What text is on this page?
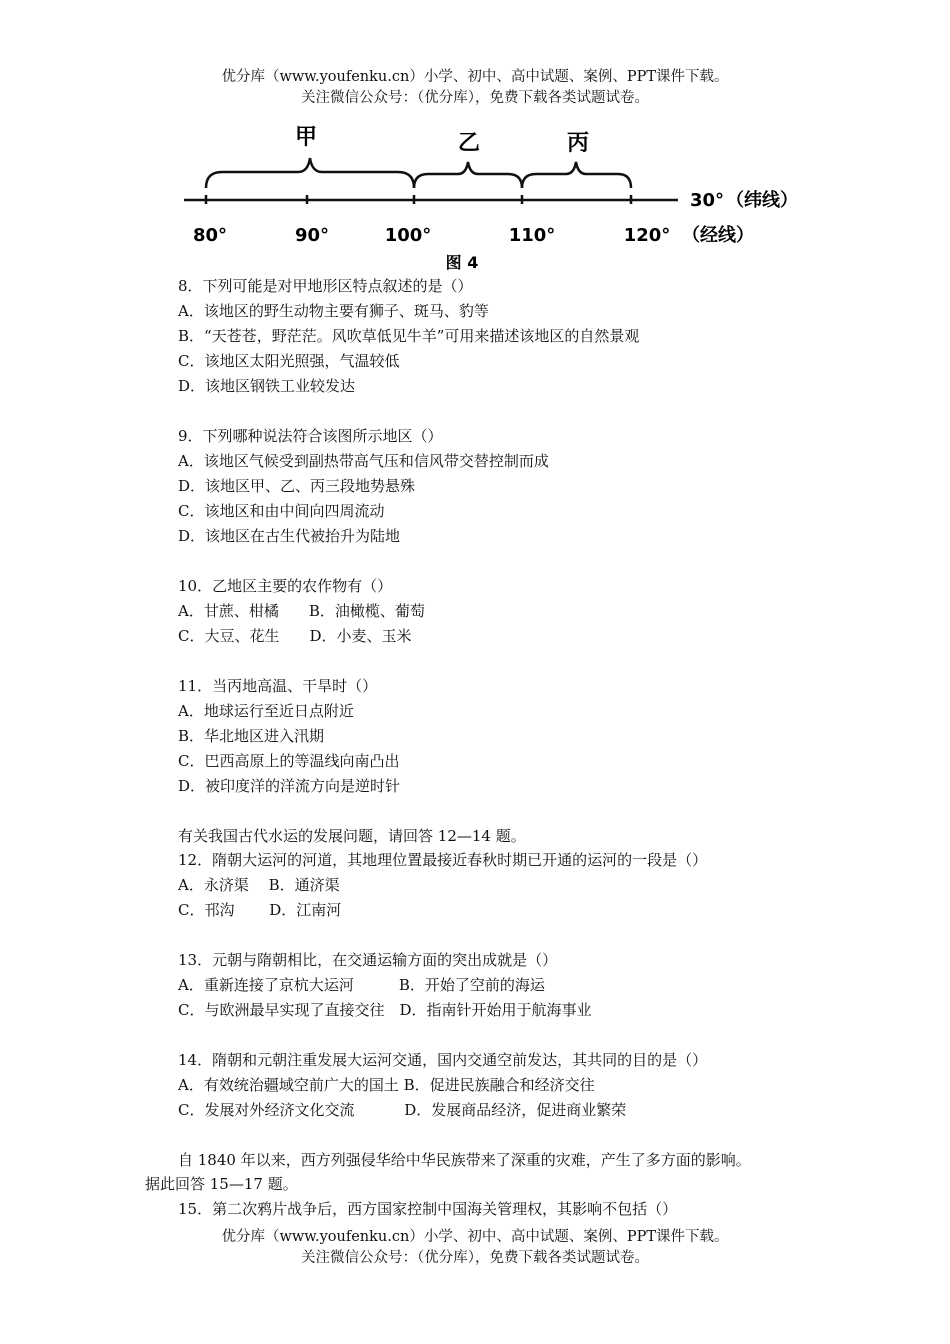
优分库（www.youfenku.cn）小学、初中、高中试题、案例、PPT课件下载。
关注微信公众号：（优分库），免费下载各类试题试卷。
甲	乙	丙
30° （纬线）
80°	90°	100°	110°	120° （经线）
图 4
8．下列可能是对甲地形区特点叙述的是（）
A．该地区的野生动物主要有狮子、斑马、豹等
B．“天苍苍，野茫茫。风吹草低见牛羊”可用来描述该地区的自然景观
C．该地区太阳光照强，气温较低
D．该地区钢铁工业较发达
9．下列哪种说法符合该图所示地区（）
A．该地区气候受到副热带高气压和信风带交替控制而成
D．该地区甲、乙、丙三段地势悬殊
C．该地区和由中间向四周流动
D．该地区在古生代被抬升为陆地
10．乙地区主要的农作物有（）
A．甘蔗、柑橘　　B．油橄榄、葡萄
C．大豆、花生　　D．小麦、玉米
11．当丙地高温、干旱时（）
A．地球运行至近日点附近
B．华北地区进入汛期
C．巴西高原上的等温线向南凸出
D．被印度洋的洋流方向是逆时针
有关我国古代水运的发展问题，请回答 12—14 题。
12．隋朝大运河的河道，其地理位置最接近春秋时期已开通的运河的一段是（）
A．永济渠　 B．通济渠
C．邗沟　　 D．江南河
13．元朝与隋朝相比，在交通运输方面的突出成就是（）
A．重新连接了京杭大运河　　　B．开始了空前的海运
C．与欧洲最早实现了直接交往　D．指南针开始用于航海事业
14．隋朝和元朝注重发展大运河交通，国内交通空前发达，其共同的目的是（）
A．有效统治疆域空前广大的国土 B．促进民族融合和经济交往
C．发展对外经济文化交流　　　 D．发展商品经济，促进商业繁荣
自 1840 年以来，西方列强侵华给中华民族带来了深重的灾难，产生了多方面的影响。
据此回答 15—17 题。
15．第二次鸦片战争后，西方国家控制中国海关管理权，其影响不包括（）
优分库（www.youfenku.cn）小学、初中、高中试题、案例、PPT课件下载。
关注微信公众号：（优分库），免费下载各类试题试卷。
